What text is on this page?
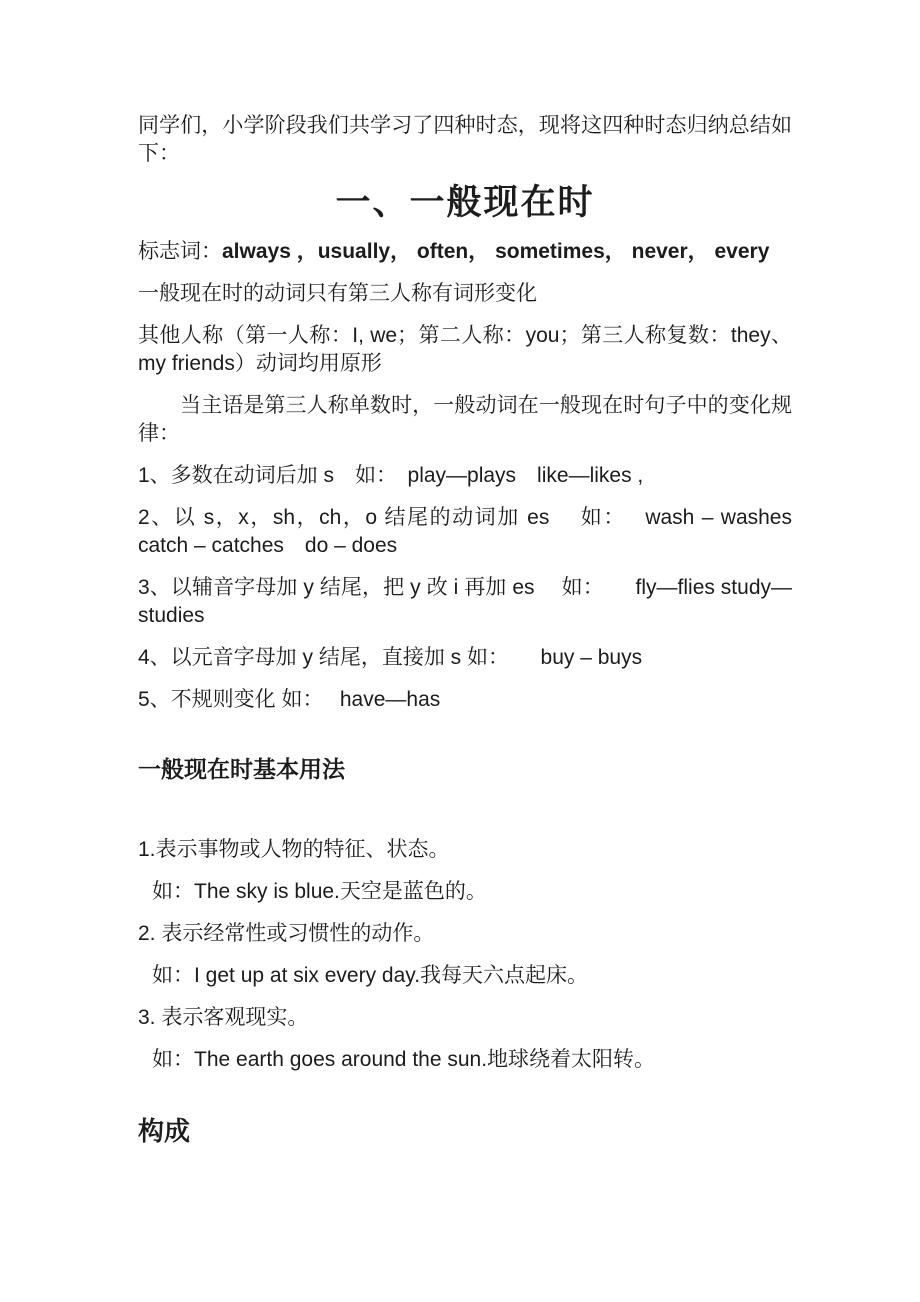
同学们，小学阶段我们共学习了四种时态，现将这四种时态归纳总结如下：

一、一般现在时

标志词：always ，usually， often， sometimes， never， every

一般现在时的动词只有第三人称有词形变化

其他人称（第一人称：I, we；第二人称：you；第三人称复数：they、my friends）动词均用原形

当主语是第三人称单数时，一般动词在一般现在时句子中的变化规律：

1、多数在动词后加 s　如：　play—plays　like—likes ,

2、以 s，x，sh，ch，o 结尾的动词加 es　 如：　 wash – washes catch – catches　do – does

3、以辅音字母加 y 结尾，把 y 改 i 再加 es　 如：　　fly—flies study—studies

4、以元音字母加 y 结尾，直接加 s 如：　　buy – buys

5、不规则变化 如：　 have—has

一般现在时基本用法

1.表示事物或人物的特征、状态。

如：The sky is blue.天空是蓝色的。

2. 表示经常性或习惯性的动作。

如：I get up at six every day.我每天六点起床。

3. 表示客观现实。

如：The earth goes around the sun.地球绕着太阳转。

构成
